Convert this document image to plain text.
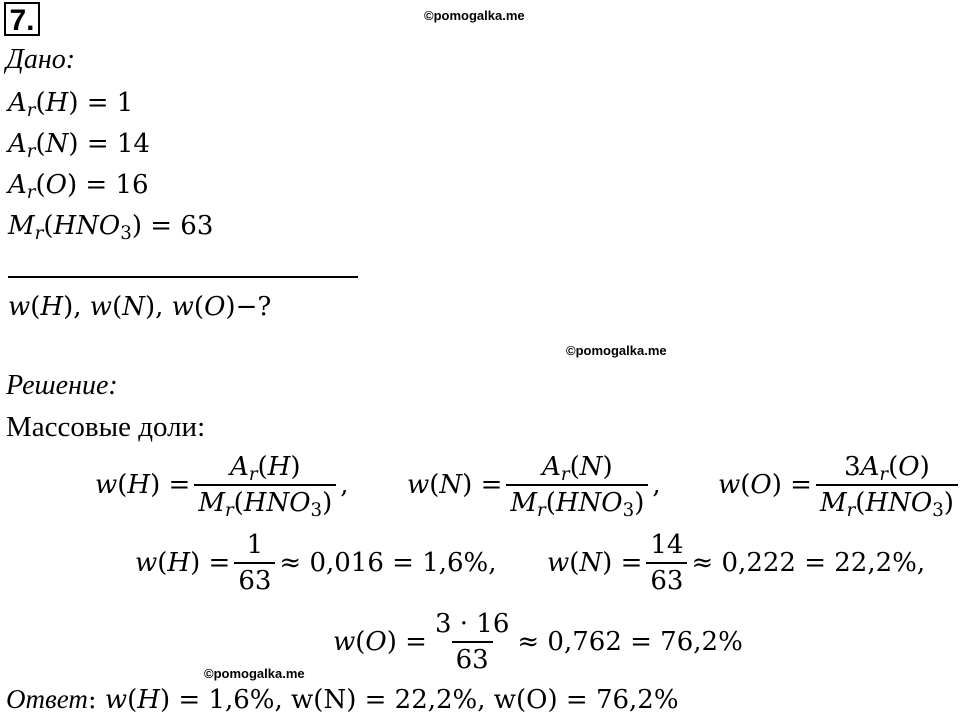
7.	©pomogalka.me
Дано:
$A_r(H) = 1$
$A_r(N) = 14$
$A_r(O) = 16$
$M_r(HNO_3) = 63$
w(H), w(N), w(O)−?
©pomogalka.me
Решение:
Массовые доли:
$w(H) = \frac{A_r(H)}{M_r(HNO_3)}$ , $w(N) = \frac{A_r(N)}{M_r(HNO_3)}$ , $w(O) = \frac{3A_r(O)}{M_r(HNO_3)}$
$w(H) = \frac{1}{63} \approx 0,016 = 1,6\%$, $w(N) = \frac{14}{63} \approx 0,222 = 22,2\%$,
$w(O) = \frac{3 \cdot 16}{63} \approx 0,762 = 76,2\%$
©pomogalka.me
Ответ: w(H) = 1,6%, w(N) = 22,2%, w(O) = 76,2%
